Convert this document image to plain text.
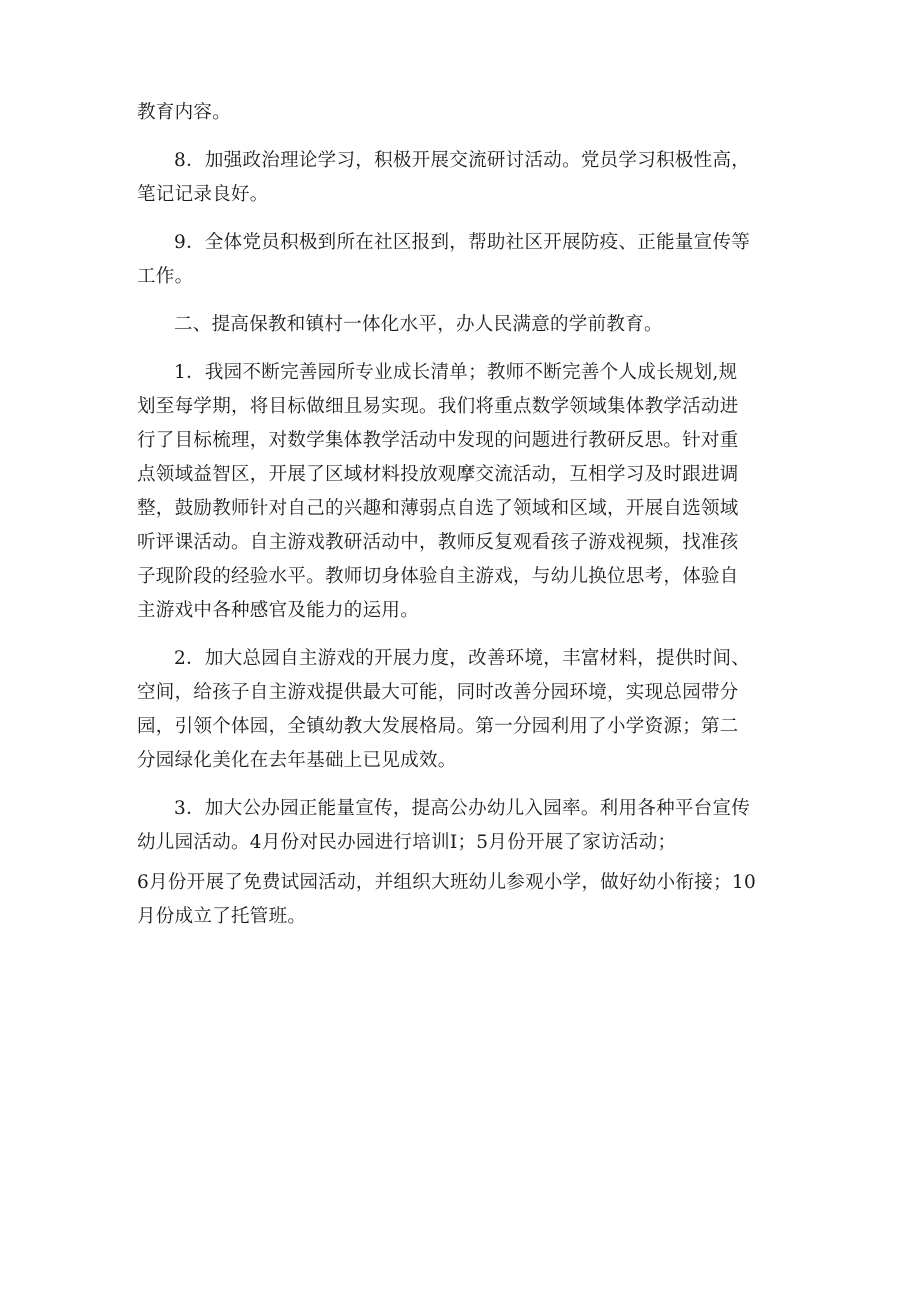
教育内容。

8．加强政治理论学习，积极开展交流研讨活动。党员学习积极性高，
笔记记录良好。

9．全体党员积极到所在社区报到，帮助社区开展防疫、正能量宣传等
工作。

二、提高保教和镇村一体化水平，办人民满意的学前教育。

1．我园不断完善园所专业成长清单；教师不断完善个人成长规划,规
划至每学期，将目标做细且易实现。我们将重点数学领域集体教学活动进
行了目标梳理，对数学集体教学活动中发现的问题进行教研反思。针对重
点领域益智区，开展了区域材料投放观摩交流活动，互相学习及时跟进调
整，鼓励教师针对自己的兴趣和薄弱点自选了领域和区域，开展自选领域
听评课活动。自主游戏教研活动中，教师反复观看孩子游戏视频，找准孩
子现阶段的经验水平。教师切身体验自主游戏，与幼儿换位思考，体验自
主游戏中各种感官及能力的运用。

2．加大总园自主游戏的开展力度，改善环境，丰富材料，提供时间、
空间，给孩子自主游戏提供最大可能，同时改善分园环境，实现总园带分
园，引领个体园，全镇幼教大发展格局。第一分园利用了小学资源；第二
分园绿化美化在去年基础上已见成效。

3．加大公办园正能量宣传，提高公办幼儿入园率。利用各种平台宣传
幼儿园活动。4月份对民办园进行培训I；5月份开展了家访活动；

6月份开展了免费试园活动，并组织大班幼儿参观小学，做好幼小衔接；10
月份成立了托管班。
